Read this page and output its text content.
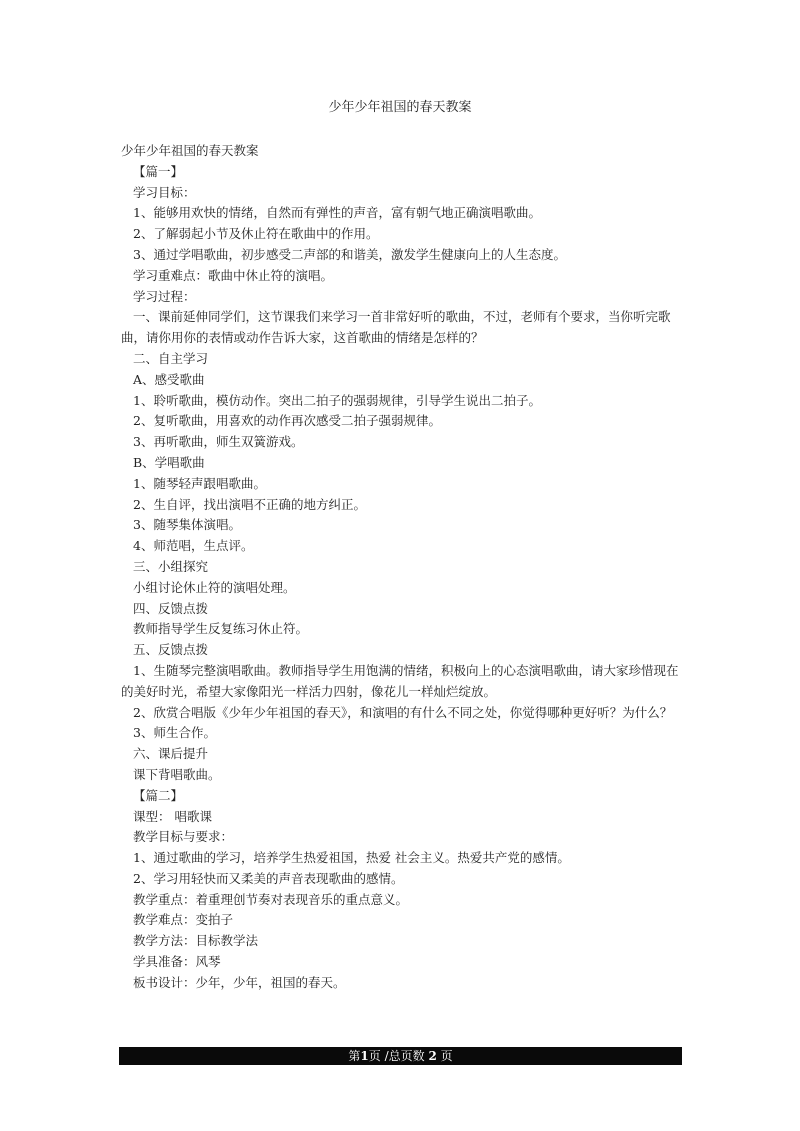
少年少年祖国的春天教案
少年少年祖国的春天教案
【篇一】
学习目标：
1、能够用欢快的情绪，自然而有弹性的声音，富有朝气地正确演唱歌曲。
2、了解弱起小节及休止符在歌曲中的作用。
3、通过学唱歌曲，初步感受二声部的和谐美，激发学生健康向上的人生态度。
学习重难点：歌曲中休止符的演唱。
学习过程：
一、课前延伸同学们，这节课我们来学习一首非常好听的歌曲，不过，老师有个要求，当你听完歌曲，请你用你的表情或动作告诉大家，这首歌曲的情绪是怎样的？
二、自主学习
A、感受歌曲
1、聆听歌曲，模仿动作。突出二拍子的强弱规律，引导学生说出二拍子。
2、复听歌曲，用喜欢的动作再次感受二拍子强弱规律。
3、再听歌曲，师生双簧游戏。
B、学唱歌曲
1、随琴轻声跟唱歌曲。
2、生自评，找出演唱不正确的地方纠正。
3、随琴集体演唱。
4、师范唱，生点评。
三、小组探究
小组讨论休止符的演唱处理。
四、反馈点拨
教师指导学生反复练习休止符。
五、反馈点拨
1、生随琴完整演唱歌曲。教师指导学生用饱满的情绪，积极向上的心态演唱歌曲，请大家珍惜现在的美好时光，希望大家像阳光一样活力四射，像花儿一样灿烂绽放。
2、欣赏合唱版《少年少年祖国的春天》，和演唱的有什么不同之处，你觉得哪种更好听？为什么？
3、师生合作。
六、课后提升
课下背唱歌曲。
【篇二】
课型： 唱歌课
教学目标与要求：
1、通过歌曲的学习，培养学生热爱祖国，热爱 社会主义。热爱共产党的感情。
2、学习用轻快而又柔美的声音表现歌曲的感情。
教学重点：着重理创节奏对表现音乐的重点意义。
教学难点：变拍子
教学方法：目标教学法
学具准备：风琴
板书设计：少年，少年，祖国的春天。
第1页 /总页数 2 页
